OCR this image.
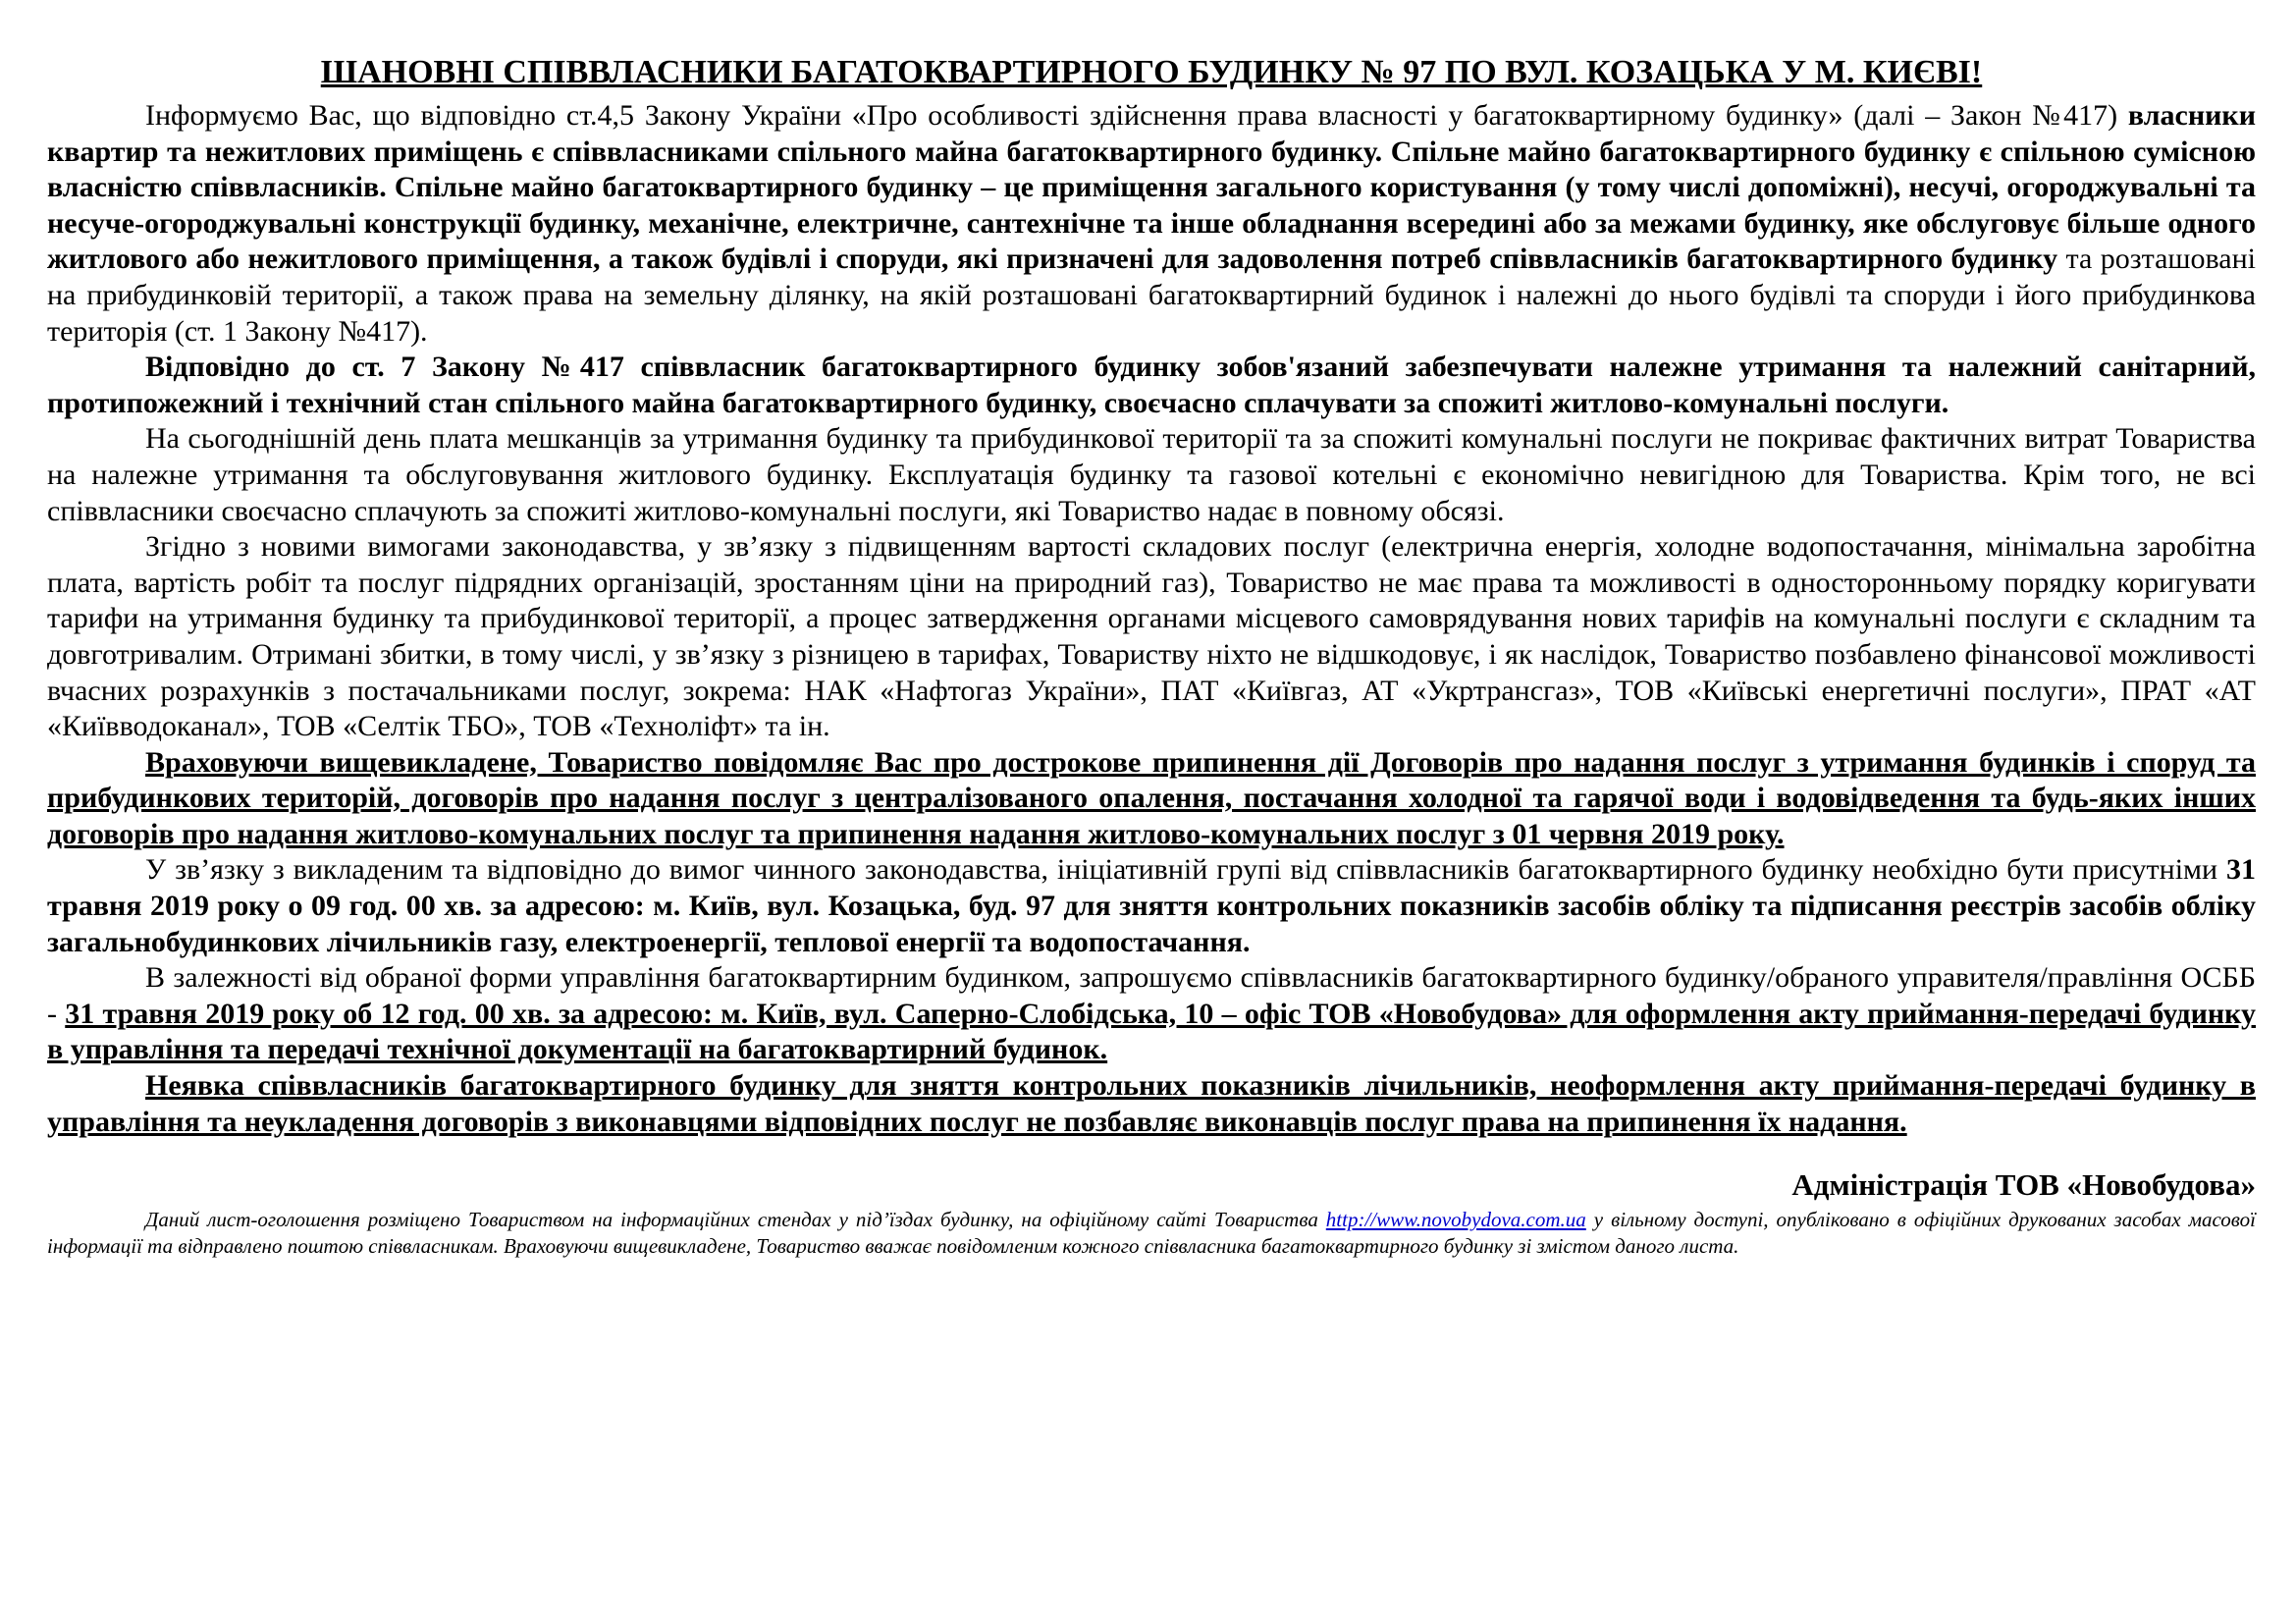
ШАНОВНІ СПІВВЛАСНИКИ БАГАТОКВАРТИРНОГО БУДИНКУ № 97 ПО ВУЛ. КОЗАЦЬКА У М. КИЄВІ!

Інформуємо Вас, що відповідно ст.4,5 Закону України «Про особливості здійснення права власності у багатоквартирному будинку» (далі – Закон №417) власники квартир та нежитлових приміщень є співвласниками спільного майна багатоквартирного будинку. Спільне майно багатоквартирного будинку є спільною сумісною власністю співвласників. Спільне майно багатоквартирного будинку – це приміщення загального користування (у тому числі допоміжні), несучі, огороджувальні та несуче-огороджувальні конструкції будинку, механічне, електричне, сантехнічне та інше обладнання всередині або за межами будинку, яке обслуговує більше одного житлового або нежитлового приміщення, а також будівлі і споруди, які призначені для задоволення потреб співвласників багатоквартирного будинку та розташовані на прибудинковій території, а також права на земельну ділянку, на якій розташовані багатоквартирний будинок і належні до нього будівлі та споруди і його прибудинкова територія (ст. 1 Закону №417).

Відповідно до ст. 7 Закону №417 співвласник багатоквартирного будинку зобов'язаний забезпечувати належне утримання та належний санітарний, протипожежний і технічний стан спільного майна багатоквартирного будинку, своєчасно сплачувати за спожиті житлово-комунальні послуги.

На сьогоднішній день плата мешканців за утримання будинку та прибудинкової території та за спожиті комунальні послуги не покриває фактичних витрат Товариства на належне утримання та обслуговування житлового будинку. Експлуатація будинку та газової котельні є економічно невигідною для Товариства. Крім того, не всі співвласники своєчасно сплачують за спожиті житлово-комунальні послуги, які Товариство надає в повному обсязі.

Згідно з новими вимогами законодавства, у зв’язку з підвищенням вартості складових послуг (електрична енергія, холодне водопостачання, мінімальна заробітна плата, вартість робіт та послуг підрядних організацій, зростанням ціни на природний газ), Товариство не має права та можливості в односторонньому порядку коригувати тарифи на утримання будинку та прибудинкової території, а процес затвердження органами місцевого самоврядування нових тарифів на комунальні послуги є складним та довготривалим. Отримані збитки, в тому числі, у зв’язку з різницею в тарифах, Товариству ніхто не відшкодовує, і як наслідок, Товариство позбавлено фінансової можливості вчасних розрахунків з постачальниками послуг, зокрема: НАК «Нафтогаз України», ПАТ «Київгаз, АТ «Укртрансгаз», ТОВ «Київські енергетичні послуги», ПРАТ «АТ «Київводоканал», ТОВ «Селтік ТБО», ТОВ «Техноліфт» та ін.

Враховуючи вищевикладене, Товариство повідомляє Вас про дострокове припинення дії Договорів про надання послуг з утримання будинків і споруд та прибудинкових територій, договорів про надання послуг з централізованого опалення, постачання холодної та гарячої води і водовідведення та будь-яких інших договорів про надання житлово-комунальних послуг та припинення надання житлово-комунальних послуг з 01 червня 2019 року.

У зв’язку з викладеним та відповідно до вимог чинного законодавства, ініціативній групі від співвласників багатоквартирного будинку необхідно бути присутніми 31 травня 2019 року о 09 год. 00 хв. за адресою: м. Київ, вул. Козацька, буд. 97 для зняття контрольних показників засобів обліку та підписання реєстрів засобів обліку загальнобудинкових лічильників газу, електроенергії, теплової енергії та водопостачання.

В залежності від обраної форми управління багатоквартирним будинком, запрошуємо співвласників багатоквартирного будинку/обраного управителя/правління ОСББ - 31 травня 2019 року об 12 год. 00 хв. за адресою: м. Київ, вул. Саперно-Слобідська, 10 – офіс ТОВ «Новобудова» для оформлення акту приймання-передачі будинку в управління та передачі технічної документації на багатоквартирний будинок.

Неявка співвласників багатоквартирного будинку для зняття контрольних показників лічильників, неоформлення акту приймання-передачі будинку в управління та неукладення договорів з виконавцями відповідних послуг не позбавляє виконавців послуг права на припинення їх надання.

Адміністрація ТОВ «Новобудова»

Даний лист-оголошення розміщено Товариством на інформаційних стендах у під’їздах будинку, на офіційному сайті Товариства http://www.novobydova.com.ua у вільному доступі, опубліковано в офіційних друкованих засобах масової інформації та відправлено поштою співвласникам. Враховуючи вищевикладене, Товариство вважає повідомленим кожного співвласника багатоквартирного будинку зі змістом даного листа.
